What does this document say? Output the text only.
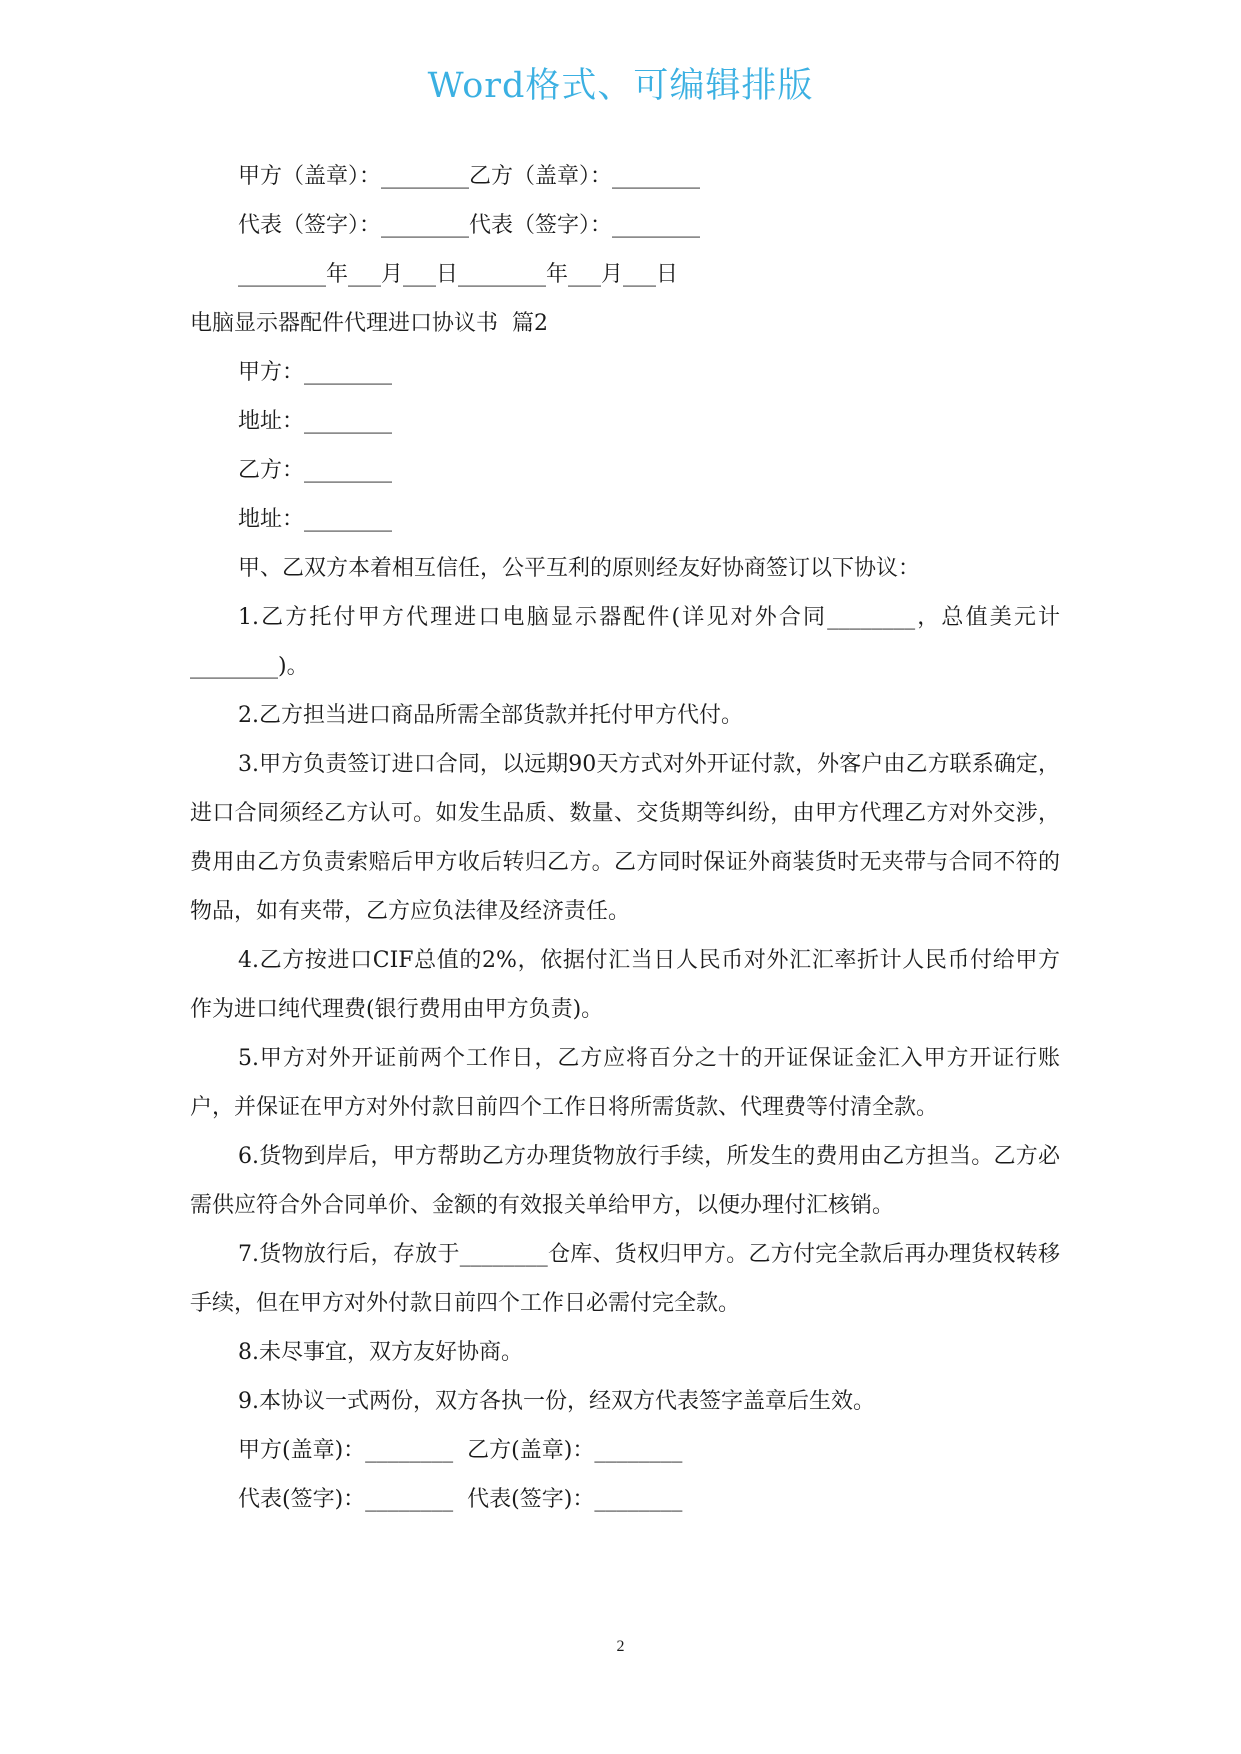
Word格式、可编辑排版

甲方（盖章）：________乙方（盖章）：________

代表（签字）：________代表（签字）：________

________年___月___日________年___月___日

电脑显示器配件代理进口协议书  篇2

甲方：________

地址：________

乙方：________

地址：________

甲、乙双方本着相互信任，公平互利的原则经友好协商签订以下协议：

1.乙方托付甲方代理进口电脑显示器配件(详见对外合同________，总值美元计________)。

2.乙方担当进口商品所需全部货款并托付甲方代付。

3.甲方负责签订进口合同，以远期90天方式对外开证付款，外客户由乙方联系确定，进口合同须经乙方认可。如发生品质、数量、交货期等纠纷，由甲方代理乙方对外交涉，费用由乙方负责索赔后甲方收后转归乙方。乙方同时保证外商装货时无夹带与合同不符的物品，如有夹带，乙方应负法律及经济责任。

4.乙方按进口CIF总值的2%，依据付汇当日人民币对外汇汇率折计人民币付给甲方作为进口纯代理费(银行费用由甲方负责)。

5.甲方对外开证前两个工作日，乙方应将百分之十的开证保证金汇入甲方开证行账户，并保证在甲方对外付款日前四个工作日将所需货款、代理费等付清全款。

6.货物到岸后，甲方帮助乙方办理货物放行手续，所发生的费用由乙方担当。乙方必需供应符合外合同单价、金额的有效报关单给甲方，以便办理付汇核销。

7.货物放行后，存放于________仓库、货权归甲方。乙方付完全款后再办理货权转移手续，但在甲方对外付款日前四个工作日必需付完全款。

8.未尽事宜，双方友好协商。

9.本协议一式两份，双方各执一份，经双方代表签字盖章后生效。

甲方(盖章)：________  乙方(盖章)：________

代表(签字)：________  代表(签字)：________

2
